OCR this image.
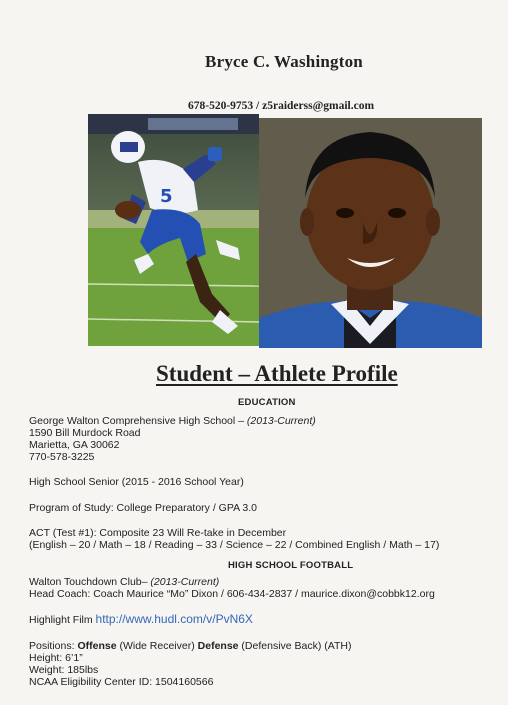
Bryce C. Washington
678-520-9753 / z5raiderss@gmail.com
5
Student – Athlete Profile
EDUCATION
George Walton Comprehensive High School – (2013-Current)
1590 Bill Murdock Road
Marietta, GA 30062
770-578-3225
High School Senior (2015 - 2016 School Year)
Program of Study: College Preparatory / GPA 3.0
ACT (Test #1): Composite 23 Will Re-take in December
(English – 20 / Math – 18 / Reading – 33 / Science – 22 / Combined English / Math – 17)
HIGH SCHOOL FOOTBALL
Walton Touchdown Club– (2013-Current)
Head Coach: Coach Maurice “Mo” Dixon / 606-434-2837 / maurice.dixon@cobbk12.org
Highlight Film http://www.hudl.com/v/PvN6X
Positions: Offense (Wide Receiver) Defense (Defensive Back) (ATH)
Height: 6’1”
Weight: 185lbs
NCAA Eligibility Center ID: 1504160566
